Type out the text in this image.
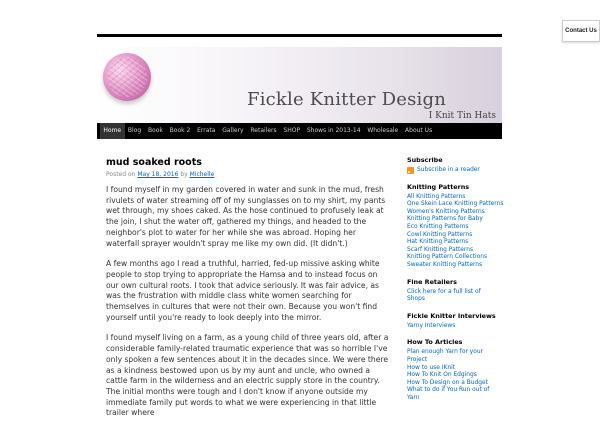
Contact Us
Fickle Knitter Design
I Knit Tin Hats
Home	Blog	Book	Book 2	Errata	Gallery	Retailers	SHOP	Shows in 2013-14	Wholesale	About Us
mud soaked roots
Posted on May 18, 2016 by Michelle

I found myself in my garden covered in water and sunk in the mud, fresh rivulets of water streaming off of my sunglasses on to my shirt, my pants wet through, my shoes caked. As the hose continued to profusely leak at the join, I shut the water off, gathered my things, and headed to the neighbor's plot to water for her while she was abroad. Hoping her waterfall sprayer wouldn't spray me like my own did. (It didn't.)

A few months ago I read a truthful, harried, fed-up missive asking white people to stop trying to appropriate the Hamsa and to instead focus on our own cultural roots. I took that advice seriously. It was fair advice, as was the frustration with middle class white women searching for themselves in cultures that were not their own. Because you won't find yourself until you're ready to look deeply into the mirror.

I found myself living on a farm, as a young child of three years old, after a considerable family-related traumatic experience that was so horrible I've only spoken a few sentences about it in the decades since. We were there as a kindness bestowed upon us by my aunt and uncle, who owned a cattle farm in the wilderness and an electric supply store in the country. The initial months were tough and I don't know if anyone outside my immediate family put words to what we were experiencing in that little trailer where

Subscribe
Subscribe in a reader
Knitting Patterns
All Knitting Patterns
One Skein Lace Knitting Patterns
Women's Knitting Patterns
Knitting Patterns for Baby
Eco Knitting Patterns
Cowl Knitting Patterns
Hat Knitting Patterns
Scarf Knitting Patterns
Knitting Pattern Collections
Sweater Knitting Patterns
Fine Retailers
Click here for a full list of
Shops
Fickle Knitter Interviews
Yarny Interviews
How To Articles
Plan enough Yarn for your
Project
How to use IKnit
How To Knit On Edgings
How To Design on a Budget
What to do if You Run out of
Yarn
